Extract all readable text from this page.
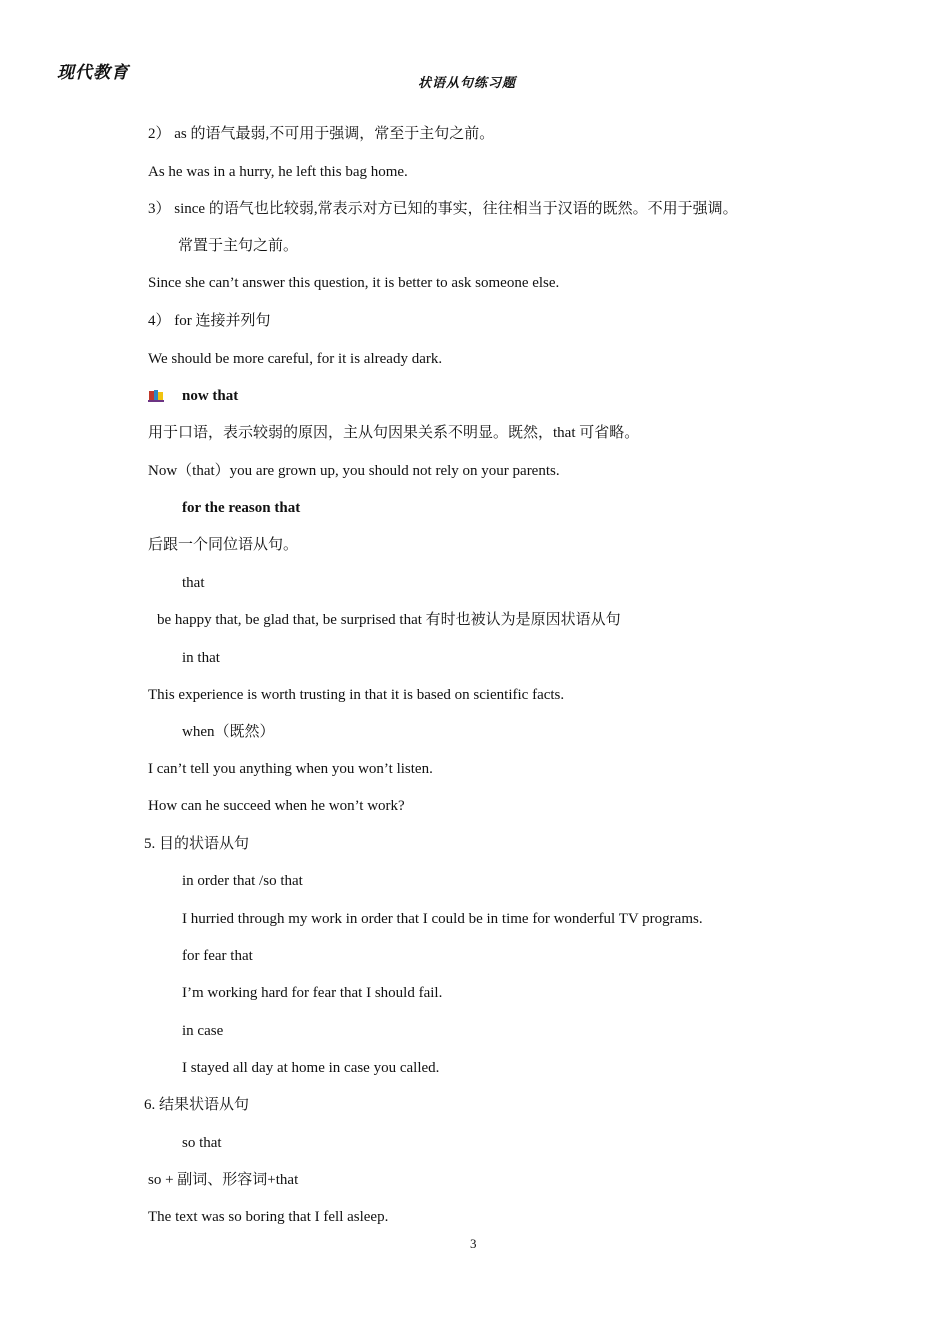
现代教育
状语从句练习题
2） as 的语气最弱,不可用于强调，常至于主句之前。
As he was in a hurry, he left this bag home.
3） since 的语气也比较弱,常表示对方已知的事实，往往相当于汉语的既然。不用于强调。
常置于主句之前。
Since she can’t answer this question, it is better to ask someone else.
4） for 连接并列句
We should be more careful, for it is already dark.
now that
用于口语，表示较弱的原因，主从句因果关系不明显。既然，that 可省略。
Now（that）you are grown up, you should not rely on your parents.
for the reason that
后跟一个同位语从句。
that
be happy that, be glad that, be surprised that 有时也被认为是原因状语从句
in that
This experience is worth trusting in that it is based on scientific facts.
when（既然）
I can’t tell you anything when you won’t listen.
How can he succeed when he won’t work?
5. 目的状语从句
in order that /so that
I hurried through my work in order that I could be in time for wonderful TV programs.
for fear that
I’m working hard for fear that I should fail.
in case
I stayed all day at home in case you called.
6. 结果状语从句
so that
so + 副词、形容词+that
The text was so boring that I fell asleep.
3
